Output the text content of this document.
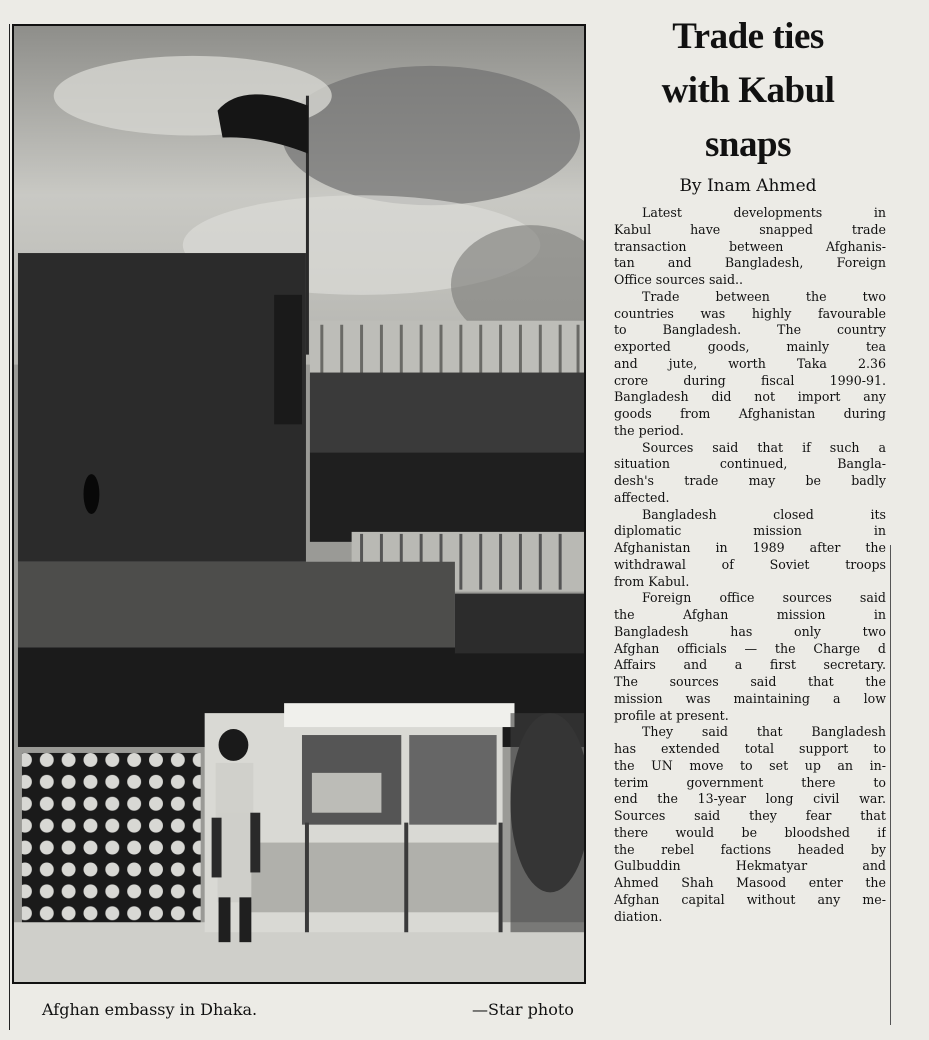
Afghan embassy in Dhaka.	—Star photo
Trade ties
with Kabul
snaps
By Inam Ahmed

Latest developments in
Kabul have snapped trade
transaction between Afghanis-
tan and Bangladesh, Foreign
Office sources said..

Trade between the two
countries was highly favourable
to Bangladesh. The country
exported goods, mainly tea
and jute, worth Taka 2.36
crore during fiscal 1990-91.
Bangladesh did not import any
goods from Afghanistan during
the period.

Sources said that if such a
situation continued, Bangla-
desh's trade may be badly
affected.

Bangladesh closed its
diplomatic mission in
Afghanistan in 1989 after the
withdrawal of Soviet troops
from Kabul.

Foreign office sources said
the Afghan mission in
Bangladesh has only two
Afghan officials — the Charge d
Affairs and a first secretary.
The sources said that the
mission was maintaining a low
profile at present.

They said that Bangladesh
has extended total support to
the UN move to set up an in-
terim government there to
end the 13-year long civil war.
Sources said they fear that
there would be bloodshed if
the rebel factions headed by
Gulbuddin Hekmatyar and
Ahmed Shah Masood enter the
Afghan capital without any me-
diation.
